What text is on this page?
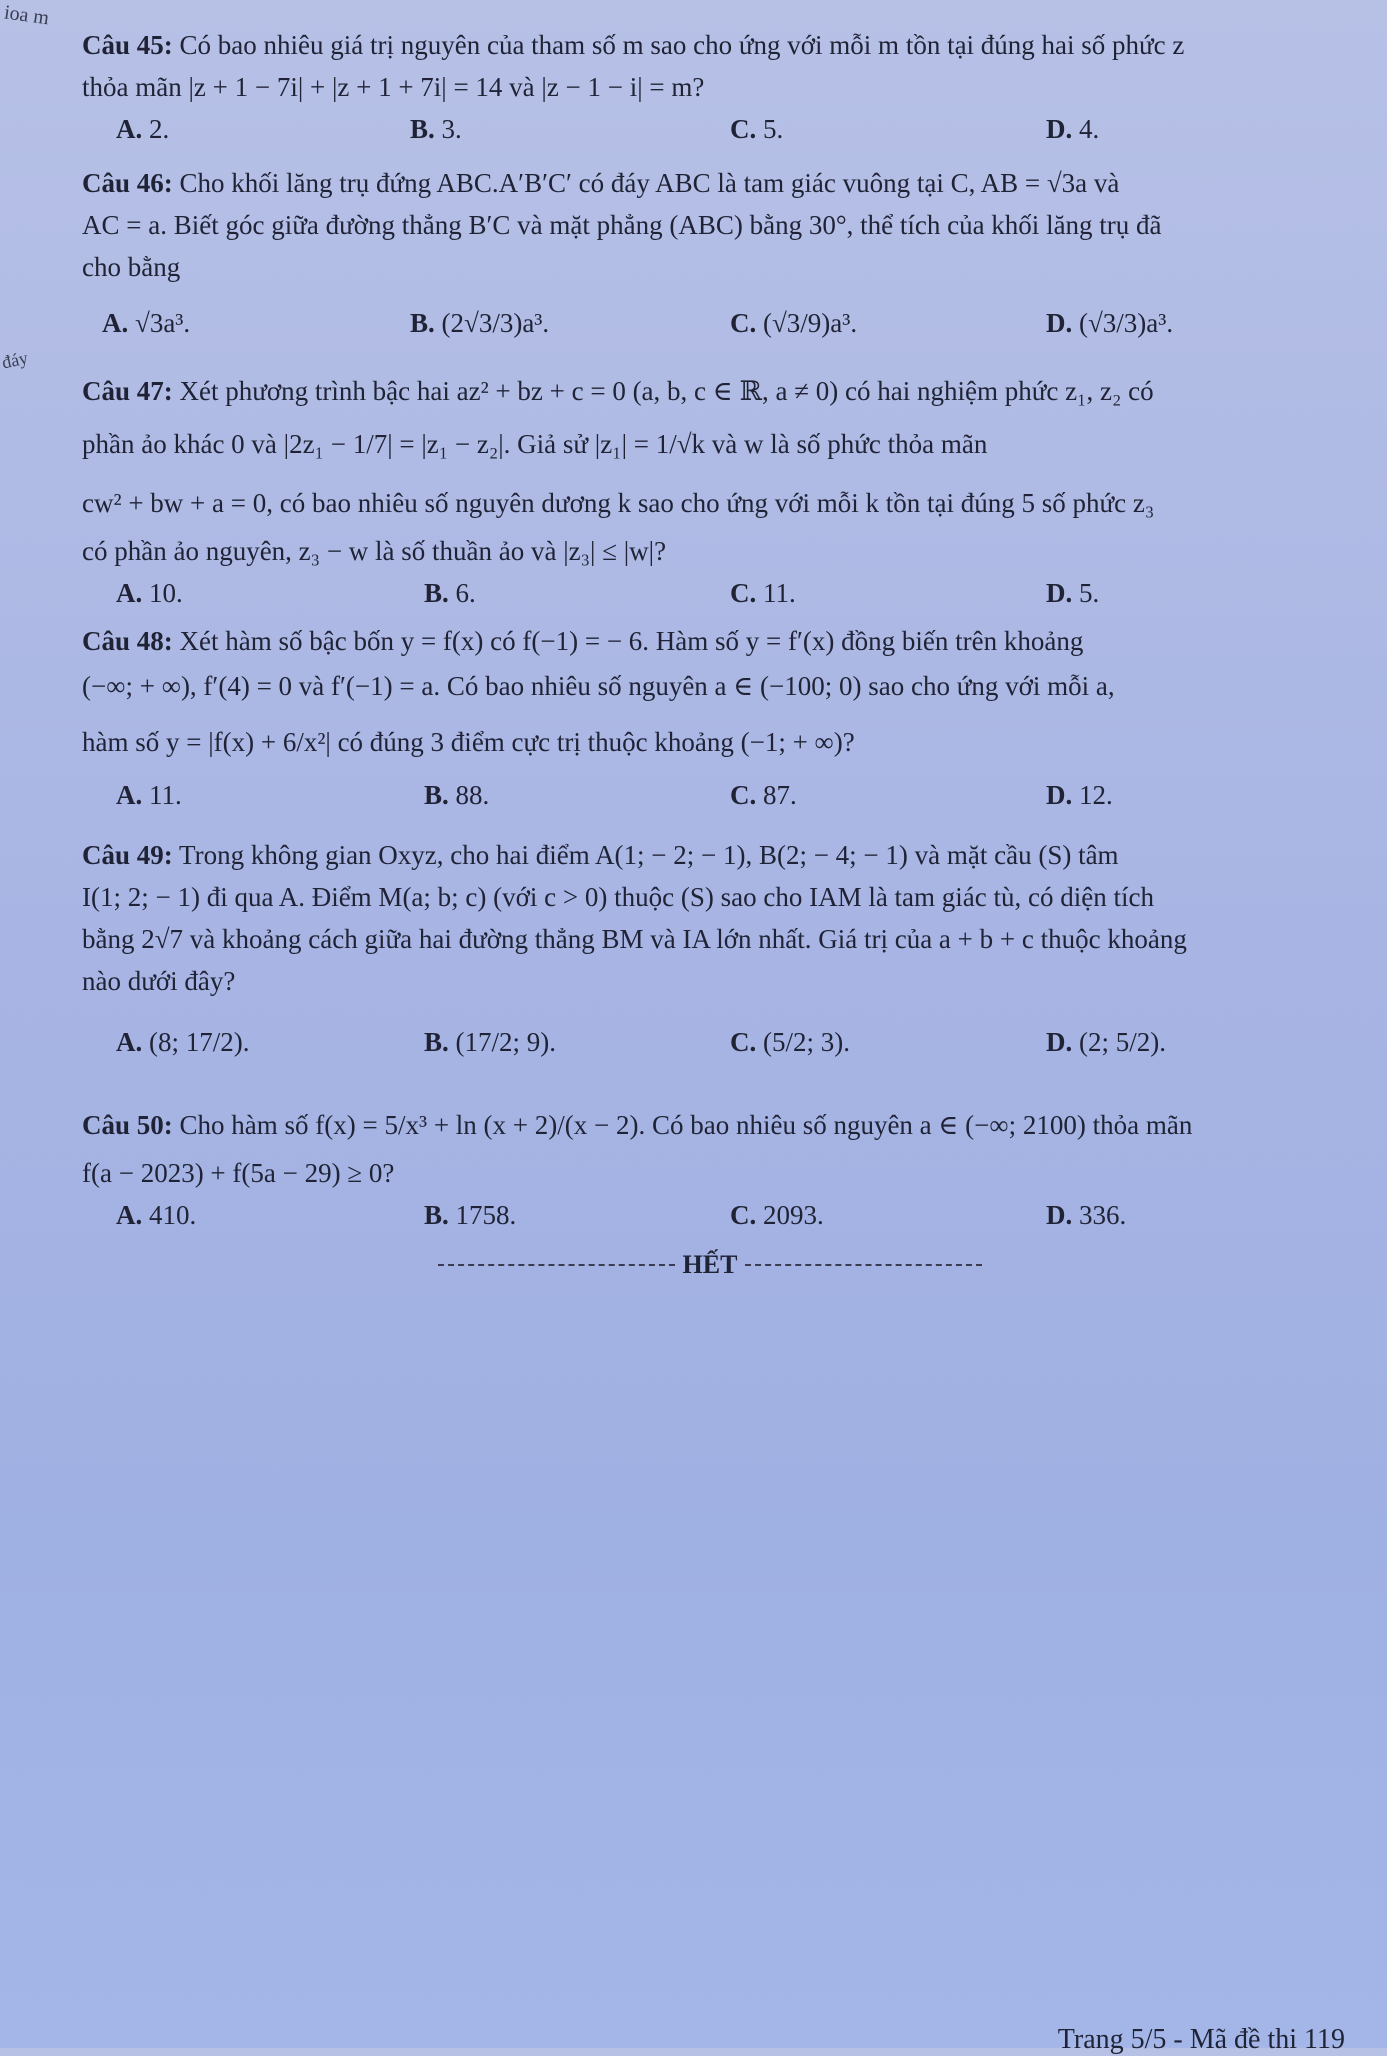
ioa m
đáy
Câu 45: Có bao nhiêu giá trị nguyên của tham số m sao cho ứng với mỗi m tồn tại đúng hai số phức z
thỏa mãn |z + 1 − 7i| + |z + 1 + 7i| = 14 và |z − 1 − i| = m?
A. 2.	B. 3.	C. 5.	D. 4.
Câu 46: Cho khối lăng trụ đứng ABC.A′B′C′ có đáy ABC là tam giác vuông tại C, AB = √3a và
AC = a. Biết góc giữa đường thẳng B′C và mặt phẳng (ABC) bằng 30°, thể tích của khối lăng trụ đã
cho bằng
A. √3a³.	B. (2√3/3)a³.	C. (√3/9)a³.	D. (√3/3)a³.
Câu 47: Xét phương trình bậc hai az² + bz + c = 0 (a, b, c ∈ ℝ, a ≠ 0) có hai nghiệm phức z₁, z₂ có
phần ảo khác 0 và |2z₁ − 1/7| = |z₁ − z₂|. Giả sử |z₁| = 1/√k và w là số phức thỏa mãn
cw² + bw + a = 0, có bao nhiêu số nguyên dương k sao cho ứng với mỗi k tồn tại đúng 5 số phức z₃
có phần ảo nguyên, z₃ − w là số thuần ảo và |z₃| ≤ |w|?
A. 10.	B. 6.	C. 11.	D. 5.
Câu 48: Xét hàm số bậc bốn y = f(x) có f(−1) = − 6. Hàm số y = f′(x) đồng biến trên khoảng
(−∞; + ∞), f′(4) = 0 và f′(−1) = a. Có bao nhiêu số nguyên a ∈ (−100; 0) sao cho ứng với mỗi a,
hàm số y = |f(x) + 6/x²| có đúng 3 điểm cực trị thuộc khoảng (−1; + ∞)?
A. 11.	B. 88.	C. 87.	D. 12.
Câu 49: Trong không gian Oxyz, cho hai điểm A(1; − 2; − 1), B(2; − 4; − 1) và mặt cầu (S) tâm
I(1; 2; − 1) đi qua A. Điểm M(a; b; c) (với c > 0) thuộc (S) sao cho IAM là tam giác tù, có diện tích
bằng 2√7 và khoảng cách giữa hai đường thẳng BM và IA lớn nhất. Giá trị của a + b + c thuộc khoảng
nào dưới đây?
A. (8; 17/2).	B. (17/2; 9).	C. (5/2; 3).	D. (2; 5/2).
Câu 50: Cho hàm số f(x) = 5/x³ + ln (x + 2)/(x − 2). Có bao nhiêu số nguyên a ∈ (−∞; 2100) thỏa mãn
f(a − 2023) + f(5a − 29) ≥ 0?
A. 410.	B. 1758.	C. 2093.	D. 336.
HẾT
Trang 5/5 - Mã đề thi 119
